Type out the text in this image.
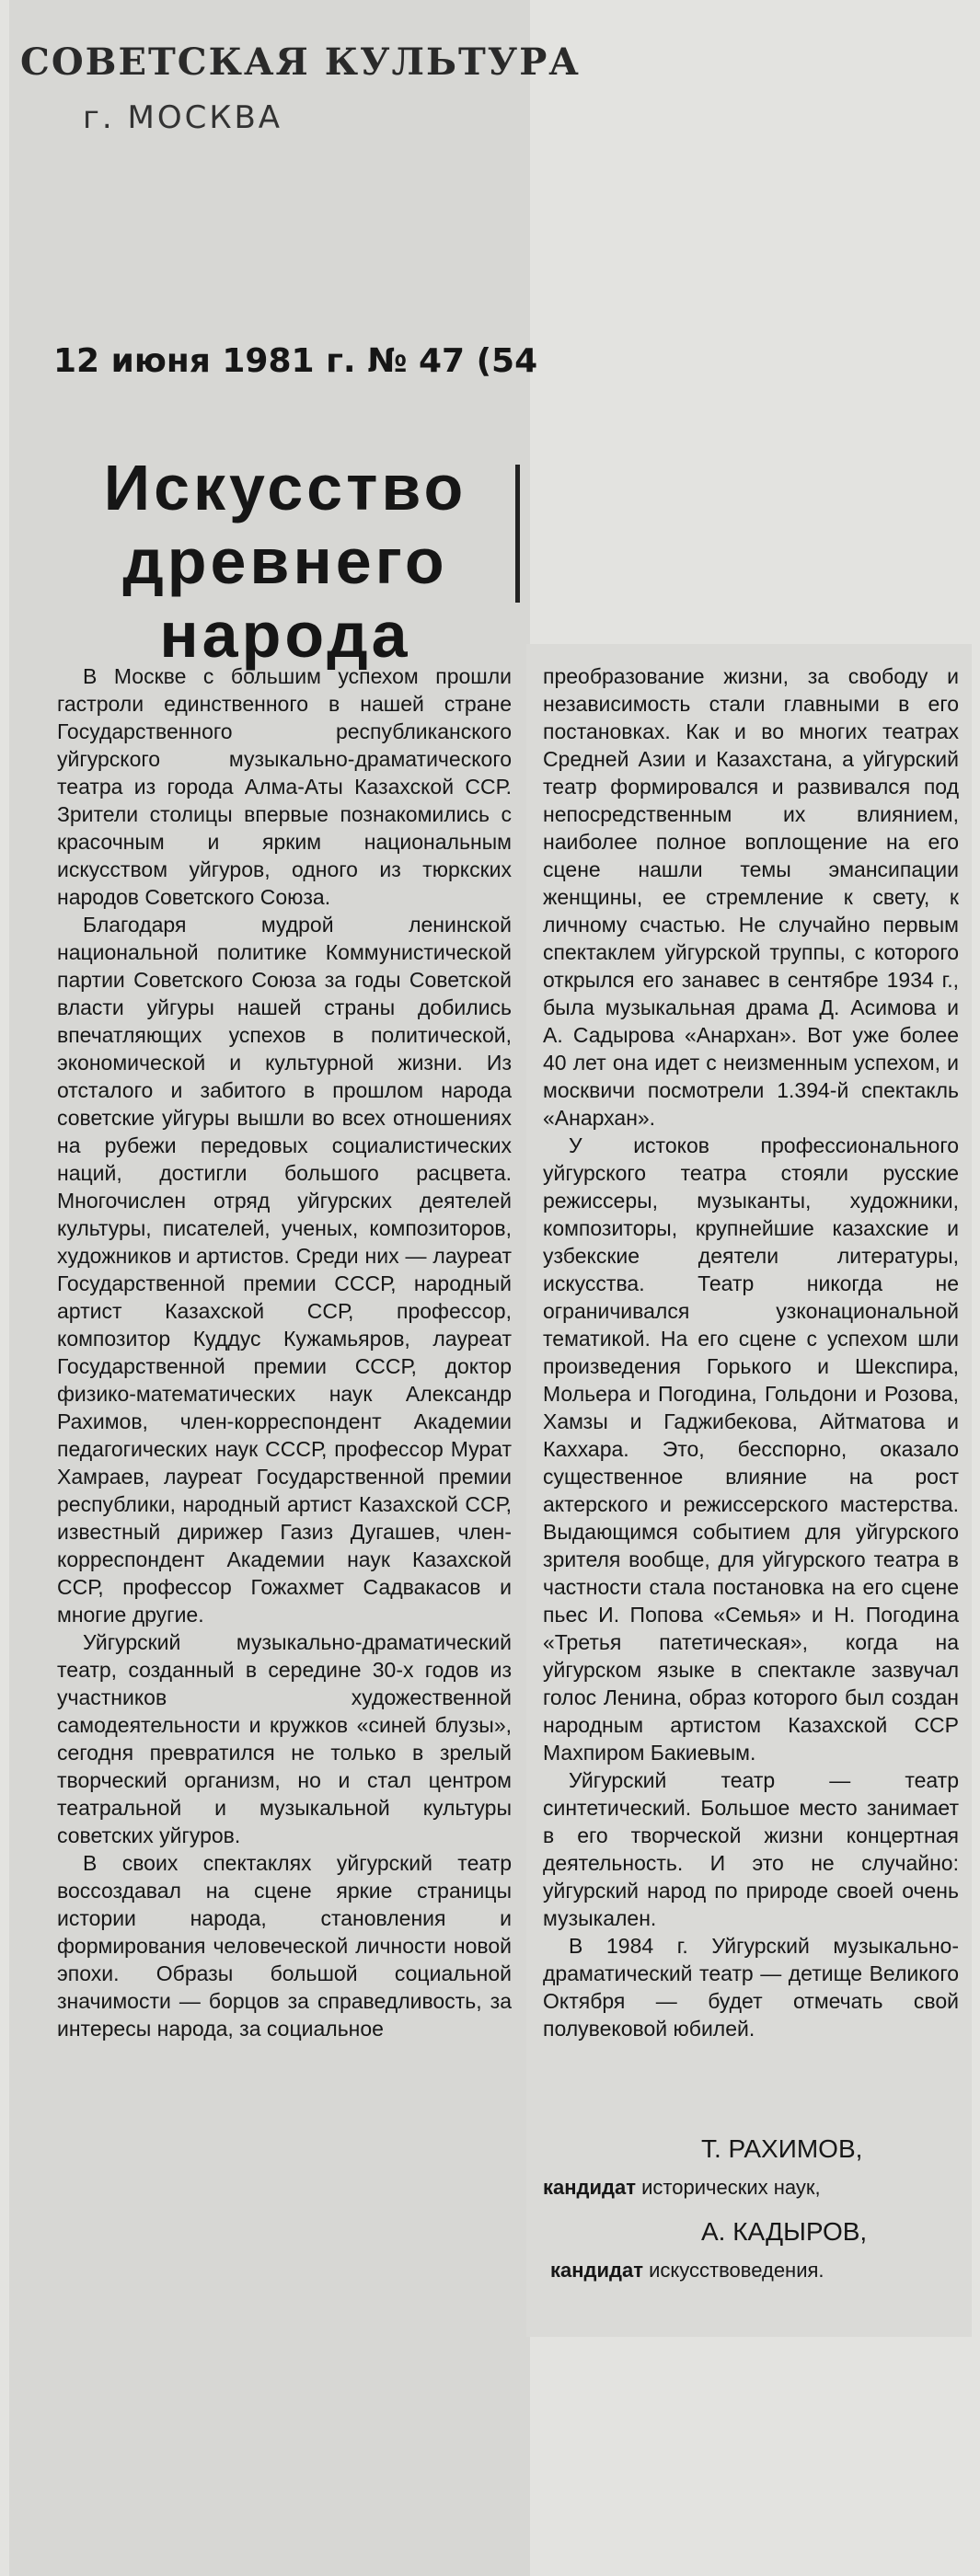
СОВЕТСКАЯ КУЛЬТУРА
г. МОСКВА
12 июня 1981 г. № 47 (54
Искусство
древнего
народа

В Москве с большим успехом прошли гастроли единственного в нашей стране Государственного республиканского уйгурского музыкально-драматического театра из города Алма-Аты Казахской ССР. Зрители столицы впервые познакомились с красочным и ярким национальным искусством уйгуров, одного из тюркских народов Советского Союза.

Благодаря мудрой ленинской национальной политике Коммунистической партии Советского Союза за годы Советской власти уйгуры нашей страны добились впечатляющих успехов в политической, экономической и культурной жизни. Из отсталого и забитого в прошлом народа советские уйгуры вышли во всех отношениях на рубежи передовых социалистических наций, достигли большого расцвета. Многочислен отряд уйгурских деятелей культуры, писателей, ученых, композиторов, художников и артистов. Среди них — лауреат Государственной премии СССР, народный артист Казахской ССР, профессор, композитор Куддус Кужамьяров, лауреат Государственной премии СССР, доктор физико-математических наук Александр Рахимов, член-корреспондент Академии педагогических наук СССР, профессор Мурат Хамраев, лауреат Государственной премии республики, народный артист Казахской ССР, известный дирижер Газиз Дугашев, член-корреспондент Академии наук Казахской ССР, профессор Гожахмет Садвакасов и многие другие.

Уйгурский музыкально-драматический театр, созданный в середине 30-х годов из участников художественной самодеятельности и кружков «синей блузы», сегодня превратился не только в зрелый творческий организм, но и стал центром театральной и музыкальной культуры советских уйгуров.

В своих спектаклях уйгурский театр воссоздавал на сцене яркие страницы истории народа, становления и формирования человеческой личности новой эпохи. Образы большой социальной значимости — борцов за справедливость, за интересы народа, за социальное

преобразование жизни, за свободу и независимость стали главными в его постановках. Как и во многих театрах Средней Азии и Казахстана, а уйгурский театр формировался и развивался под непосредственным их влиянием, наиболее полное воплощение на его сцене нашли темы эмансипации женщины, ее стремление к свету, к личному счастью. Не случайно первым спектаклем уйгурской труппы, с которого открылся его занавес в сентябре 1934 г., была музыкальная драма Д. Асимова и А. Садырова «Анархан». Вот уже более 40 лет она идет с неизменным успехом, и москвичи посмотрели 1.394-й спектакль «Анархан».

У истоков профессионального уйгурского театра стояли русские режиссеры, музыканты, художники, композиторы, крупнейшие казахские и узбекские деятели литературы, искусства. Театр никогда не ограничивался узконациональной тематикой. На его сцене с успехом шли произведения Горького и Шекспира, Мольера и Погодина, Гольдони и Розова, Хамзы и Гаджибекова, Айтматова и Каххара. Это, бесспорно, оказало существенное влияние на рост актерского и режиссерского мастерства. Выдающимся событием для уйгурского зрителя вообще, для уйгурского театра в частности стала постановка на его сцене пьес И. Попова «Семья» и Н. Погодина «Третья патетическая», когда на уйгурском языке в спектакле зазвучал голос Ленина, образ которого был создан народным артистом Казахской ССР Махпиром Бакиевым.

Уйгурский театр — театр синтетический. Большое место занимает в его творческой жизни концертная деятельность. И это не случайно: уйгурский народ по природе своей очень музыкален.

В 1984 г. Уйгурский музыкально-драматический театр — детище Великого Октября — будет отмечать свой полувековой юбилей.

Т. РАХИМОВ,
кандидат исторических наук,
А. КАДЫРОВ,
кандидат искусствоведения.
